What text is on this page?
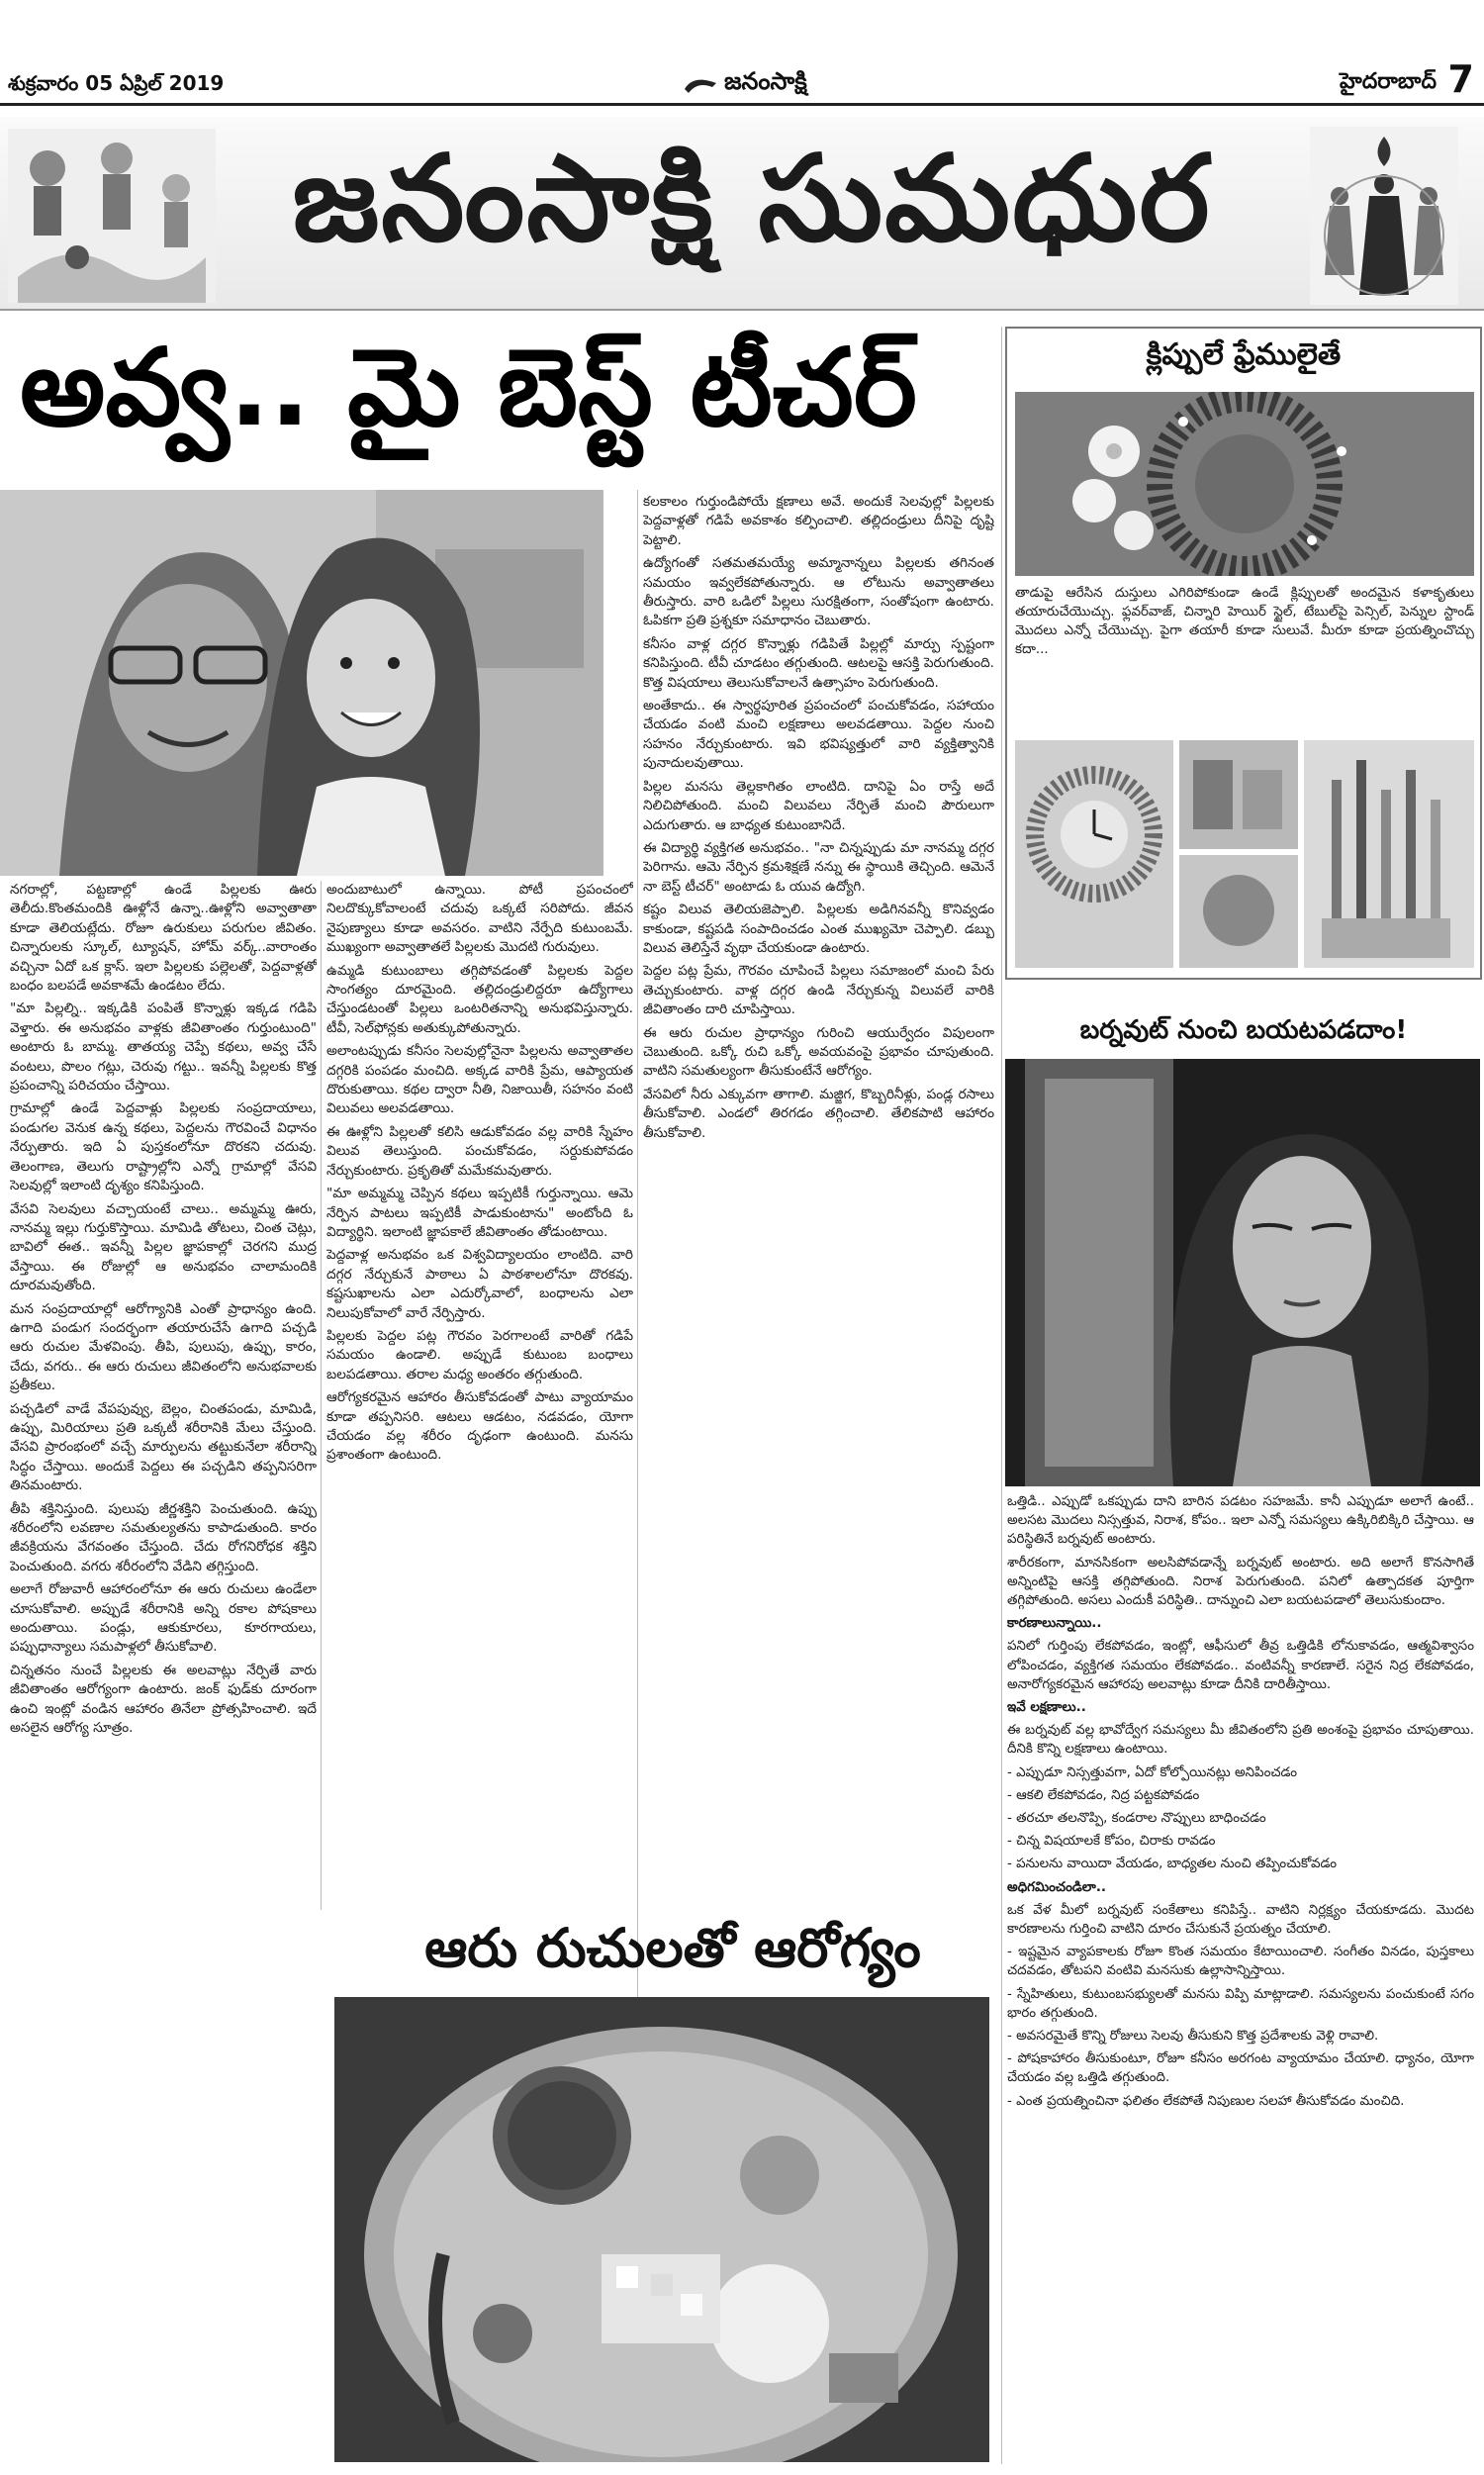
శుక్రవారం 05 ఏప్రిల్ 2019	జనంసాక్షి	హైదరాబాద్ 7
జనంసాక్షి సుమధుర
అవ్వ.. మై బెస్ట్ టీచర్

నగరాల్లో, పట్టణాల్లో ఉండే పిల్లలకు ఊరు తెలీదు.కొంతమందికి ఊళ్లోనే ఉన్నా..ఊళ్లోని అవ్వాతాతా కూడా తెలియట్లేదు. రోజూ ఉరుకులు పరుగుల జీవితం. చిన్నారులకు స్కూల్, ట్యూషన్, హోమ్ వర్క్..వారాంతం వచ్చినా ఏదో ఒక క్లాస్. ఇలా పిల్లలకు పల్లెలతో, పెద్దవాళ్లతో బంధం బలపడే అవకాశమే ఉండటం లేదు.

"మా పిల్లల్ని.. ఇక్కడికి పంపితే కొన్నాళ్లు ఇక్కడ గడిపి వెళ్తారు. ఈ అనుభవం వాళ్లకు జీవితాంతం గుర్తుంటుంది" అంటారు ఓ బామ్మ. తాతయ్య చెప్పే కథలు, అవ్వ చేసే వంటలు, పొలం గట్లు, చెరువు గట్టు.. ఇవన్నీ పిల్లలకు కొత్త ప్రపంచాన్ని పరిచయం చేస్తాయి.

గ్రామాల్లో ఉండే పెద్దవాళ్లు పిల్లలకు సంప్రదాయాలు, పండుగల వెనుక ఉన్న కథలు, పెద్దలను గౌరవించే విధానం నేర్పుతారు. ఇది ఏ పుస్తకంలోనూ దొరకని చదువు. తెలంగాణ, తెలుగు రాష్ట్రాల్లోని ఎన్నో గ్రామాల్లో వేసవి సెలవుల్లో ఇలాంటి దృశ్యం కనిపిస్తుంది.

వేసవి సెలవులు వచ్చాయంటే చాలు.. అమ్మమ్మ ఊరు, నానమ్మ ఇల్లు గుర్తుకొస్తాయి. మామిడి తోటలు, చింత చెట్లు, బావిలో ఈత.. ఇవన్నీ పిల్లల జ్ఞాపకాల్లో చెరగని ముద్ర వేస్తాయి. ఈ రోజుల్లో ఆ అనుభవం చాలామందికి దూరమవుతోంది.

మన సంప్రదాయాల్లో ఆరోగ్యానికి ఎంతో ప్రాధాన్యం ఉంది. ఉగాది పండుగ సందర్భంగా తయారుచేసే ఉగాది పచ్చడి ఆరు రుచుల మేళవింపు. తీపి, పులుపు, ఉప్పు, కారం, చేదు, వగరు.. ఈ ఆరు రుచులు జీవితంలోని అనుభవాలకు ప్రతీకలు.

పచ్చడిలో వాడే వేపపువ్వు, బెల్లం, చింతపండు, మామిడి, ఉప్పు, మిరియాలు ప్రతి ఒక్కటీ శరీరానికి మేలు చేస్తుంది. వేసవి ప్రారంభంలో వచ్చే మార్పులను తట్టుకునేలా శరీరాన్ని సిద్ధం చేస్తాయి. అందుకే పెద్దలు ఈ పచ్చడిని తప్పనిసరిగా తినమంటారు.

తీపి శక్తినిస్తుంది. పులుపు జీర్ణశక్తిని పెంచుతుంది. ఉప్పు శరీరంలోని లవణాల సమతుల్యతను కాపాడుతుంది. కారం జీవక్రియను వేగవంతం చేస్తుంది. చేదు రోగనిరోధక శక్తిని పెంచుతుంది. వగరు శరీరంలోని వేడిని తగ్గిస్తుంది.

అలాగే రోజువారీ ఆహారంలోనూ ఈ ఆరు రుచులు ఉండేలా చూసుకోవాలి. అప్పుడే శరీరానికి అన్ని రకాల పోషకాలు అందుతాయి. పండ్లు, ఆకుకూరలు, కూరగాయలు, పప్పుధాన్యాలు సమపాళ్లలో తీసుకోవాలి.

చిన్నతనం నుంచే పిల్లలకు ఈ అలవాట్లు నేర్పితే వారు జీవితాంతం ఆరోగ్యంగా ఉంటారు. జంక్ ఫుడ్‌కు దూరంగా ఉంచి ఇంట్లో వండిన ఆహారం తినేలా ప్రోత్సహించాలి. ఇదే అసలైన ఆరోగ్య సూత్రం.

అందుబాటులో ఉన్నాయి. పోటీ ప్రపంచంలో నిలదొక్కుకోవాలంటే చదువు ఒక్కటే సరిపోదు. జీవన నైపుణ్యాలు కూడా అవసరం. వాటిని నేర్పేది కుటుంబమే. ముఖ్యంగా అవ్వాతాతలే పిల్లలకు మొదటి గురువులు.

ఉమ్మడి కుటుంబాలు తగ్గిపోవడంతో పిల్లలకు పెద్దల సాంగత్యం దూరమైంది. తల్లిదండ్రులిద్దరూ ఉద్యోగాలు చేస్తుండటంతో పిల్లలు ఒంటరితనాన్ని అనుభవిస్తున్నారు. టీవీ, సెల్‌ఫోన్లకు అతుక్కుపోతున్నారు.

అలాంటప్పుడు కనీసం సెలవుల్లోనైనా పిల్లలను అవ్వాతాతల దగ్గరికి పంపడం మంచిది. అక్కడ వారికి ప్రేమ, ఆప్యాయత దొరుకుతాయి. కథల ద్వారా నీతి, నిజాయితీ, సహనం వంటి విలువలు అలవడతాయి.

ఈ ఊళ్లోని పిల్లలతో కలిసి ఆడుకోవడం వల్ల వారికి స్నేహం విలువ తెలుస్తుంది. పంచుకోవడం, సర్దుకుపోవడం నేర్చుకుంటారు. ప్రకృతితో మమేకమవుతారు.

"మా అమ్మమ్మ చెప్పిన కథలు ఇప్పటికీ గుర్తున్నాయి. ఆమె నేర్పిన పాటలు ఇప్పటికీ పాడుకుంటాను" అంటోంది ఓ విద్యార్థిని. ఇలాంటి జ్ఞాపకాలే జీవితాంతం తోడుంటాయి.

పెద్దవాళ్ల అనుభవం ఒక విశ్వవిద్యాలయం లాంటిది. వారి దగ్గర నేర్చుకునే పాఠాలు ఏ పాఠశాలలోనూ దొరకవు. కష్టసుఖాలను ఎలా ఎదుర్కోవాలో, బంధాలను ఎలా నిలుపుకోవాలో వారే నేర్పిస్తారు.

పిల్లలకు పెద్దల పట్ల గౌరవం పెరగాలంటే వారితో గడిపే సమయం ఉండాలి. అప్పుడే కుటుంబ బంధాలు బలపడతాయి. తరాల మధ్య అంతరం తగ్గుతుంది.

ఆరోగ్యకరమైన ఆహారం తీసుకోవడంతో పాటు వ్యాయామం కూడా తప్పనిసరి. ఆటలు ఆడటం, నడవడం, యోగా చేయడం వల్ల శరీరం దృఢంగా ఉంటుంది. మనసు ప్రశాంతంగా ఉంటుంది.

కలకాలం గుర్తుండిపోయే క్షణాలు అవే. అందుకే సెలవుల్లో పిల్లలకు పెద్దవాళ్లతో గడిపే అవకాశం కల్పించాలి. తల్లిదండ్రులు దీనిపై దృష్టి పెట్టాలి.

ఉద్యోగంతో సతమతమయ్యే అమ్మానాన్నలు పిల్లలకు తగినంత సమయం ఇవ్వలేకపోతున్నారు. ఆ లోటును అవ్వాతాతలు తీరుస్తారు. వారి ఒడిలో పిల్లలు సురక్షితంగా, సంతోషంగా ఉంటారు. ఓపికగా ప్రతి ప్రశ్నకూ సమాధానం చెబుతారు.

కనీసం వాళ్ల దగ్గర కొన్నాళ్లు గడిపితే పిల్లల్లో మార్పు స్పష్టంగా కనిపిస్తుంది. టీవీ చూడటం తగ్గుతుంది. ఆటలపై ఆసక్తి పెరుగుతుంది. కొత్త విషయాలు తెలుసుకోవాలనే ఉత్సాహం పెరుగుతుంది.

అంతేకాదు.. ఈ స్వార్థపూరిత ప్రపంచంలో పంచుకోవడం, సహాయం చేయడం వంటి మంచి లక్షణాలు అలవడతాయి. పెద్దల నుంచి సహనం నేర్చుకుంటారు. ఇవి భవిష్యత్తులో వారి వ్యక్తిత్వానికి పునాదులవుతాయి.

పిల్లల మనసు తెల్లకాగితం లాంటిది. దానిపై ఏం రాస్తే అదే నిలిచిపోతుంది. మంచి విలువలు నేర్పితే మంచి పౌరులుగా ఎదుగుతారు. ఆ బాధ్యత కుటుంబానిదే.

ఈ విద్యార్థి వ్యక్తిగత అనుభవం.. "నా చిన్నప్పుడు మా నానమ్మ దగ్గర పెరిగాను. ఆమె నేర్పిన క్రమశిక్షణే నన్ను ఈ స్థాయికి తెచ్చింది. ఆమెనే నా బెస్ట్ టీచర్" అంటాడు ఓ యువ ఉద్యోగి.

కష్టం విలువ తెలియజెప్పాలి. పిల్లలకు అడిగినవన్నీ కొనివ్వడం కాకుండా, కష్టపడి సంపాదించడం ఎంత ముఖ్యమో చెప్పాలి. డబ్బు విలువ తెలిస్తేనే వృథా చేయకుండా ఉంటారు.

పెద్దల పట్ల ప్రేమ, గౌరవం చూపించే పిల్లలు సమాజంలో మంచి పేరు తెచ్చుకుంటారు. వాళ్ల దగ్గర ఉండి నేర్చుకున్న విలువలే వారికి జీవితాంతం దారి చూపిస్తాయి.

ఈ ఆరు రుచుల ప్రాధాన్యం గురించి ఆయుర్వేదం విపులంగా చెబుతుంది. ఒక్కో రుచి ఒక్కో అవయవంపై ప్రభావం చూపుతుంది. వాటిని సమతుల్యంగా తీసుకుంటేనే ఆరోగ్యం.

వేసవిలో నీరు ఎక్కువగా తాగాలి. మజ్జిగ, కొబ్బరినీళ్లు, పండ్ల రసాలు తీసుకోవాలి. ఎండలో తిరగడం తగ్గించాలి. తేలికపాటి ఆహారం తీసుకోవాలి.

ఆరు రుచులతో ఆరోగ్యం
క్లిప్పులే ఫ్రేములైతే

తాడుపై ఆరేసిన దుస్తులు ఎగిరిపోకుండా ఉండే క్లిప్పులతో అందమైన కళాకృతులు తయారుచేయొచ్చు. ఫ్లవర్‌వాజ్, చిన్నారి హెయిర్ స్టైల్, టేబుల్‌పై పెన్సిల్, పెన్నుల స్టాండ్ మొదలు ఎన్నో చేయొచ్చు. పైగా తయారీ కూడా సులువే. మీరూ కూడా ప్రయత్నించొచ్చు కదా...

బర్నవుట్ నుంచి బయటపడదాం!

ఒత్తిడి.. ఎప్పుడో ఒకప్పుడు దాని బారిన పడటం సహజమే. కానీ ఎప్పుడూ అలాగే ఉంటే.. అలసట మొదలు నిస్సత్తువ, నిరాశ, కోపం.. ఇలా ఎన్నో సమస్యలు ఉక్కిరిబిక్కిరి చేస్తాయి. ఆ పరిస్థితినే బర్నవుట్ అంటారు.

శారీరకంగా, మానసికంగా అలసిపోవడాన్నే బర్నవుట్ అంటారు. అది అలాగే కొనసాగితే అన్నింటిపై ఆసక్తి తగ్గిపోతుంది. నిరాశ పెరుగుతుంది. పనిలో ఉత్పాదకత పూర్తిగా తగ్గిపోతుంది. అసలు ఎందుకీ పరిస్థితి.. దాన్నుంచి ఎలా బయటపడాలో తెలుసుకుందాం.

కారణాలున్నాయి..

పనిలో గుర్తింపు లేకపోవడం, ఇంట్లో, ఆఫీసులో తీవ్ర ఒత్తిడికి లోనుకావడం, ఆత్మవిశ్వాసం లోపించడం, వ్యక్తిగత సమయం లేకపోవడం.. వంటివన్నీ కారణాలే. సరైన నిద్ర లేకపోవడం, అనారోగ్యకరమైన ఆహారపు అలవాట్లు కూడా దీనికి దారితీస్తాయి.

ఇవే లక్షణాలు..

ఈ బర్నవుట్ వల్ల భావోద్వేగ సమస్యలు మీ జీవితంలోని ప్రతి అంశంపై ప్రభావం చూపుతాయి. దీనికి కొన్ని లక్షణాలు ఉంటాయి.

- ఎప్పుడూ నిస్సత్తువగా, ఏదో కోల్పోయినట్లు అనిపించడం

- ఆకలి లేకపోవడం, నిద్ర పట్టకపోవడం

- తరచూ తలనొప్పి, కండరాల నొప్పులు బాధించడం

- చిన్న విషయాలకే కోపం, చిరాకు రావడం

- పనులను వాయిదా వేయడం, బాధ్యతల నుంచి తప్పించుకోవడం

అధిగమించండిలా..

ఒక వేళ మీలో బర్నవుట్ సంకేతాలు కనిపిస్తే.. వాటిని నిర్లక్ష్యం చేయకూడదు. మొదట కారణాలను గుర్తించి వాటిని దూరం చేసుకునే ప్రయత్నం చేయాలి.

- ఇష్టమైన వ్యాపకాలకు రోజూ కొంత సమయం కేటాయించాలి. సంగీతం వినడం, పుస్తకాలు చదవడం, తోటపని వంటివి మనసుకు ఉల్లాసాన్నిస్తాయి.

- స్నేహితులు, కుటుంబసభ్యులతో మనసు విప్పి మాట్లాడాలి. సమస్యలను పంచుకుంటే సగం భారం తగ్గుతుంది.

- అవసరమైతే కొన్ని రోజులు సెలవు తీసుకుని కొత్త ప్రదేశాలకు వెళ్లి రావాలి.

- పోషకాహారం తీసుకుంటూ, రోజూ కనీసం అరగంట వ్యాయామం చేయాలి. ధ్యానం, యోగా చేయడం వల్ల ఒత్తిడి తగ్గుతుంది.

- ఎంత ప్రయత్నించినా ఫలితం లేకపోతే నిపుణుల సలహా తీసుకోవడం మంచిది.
